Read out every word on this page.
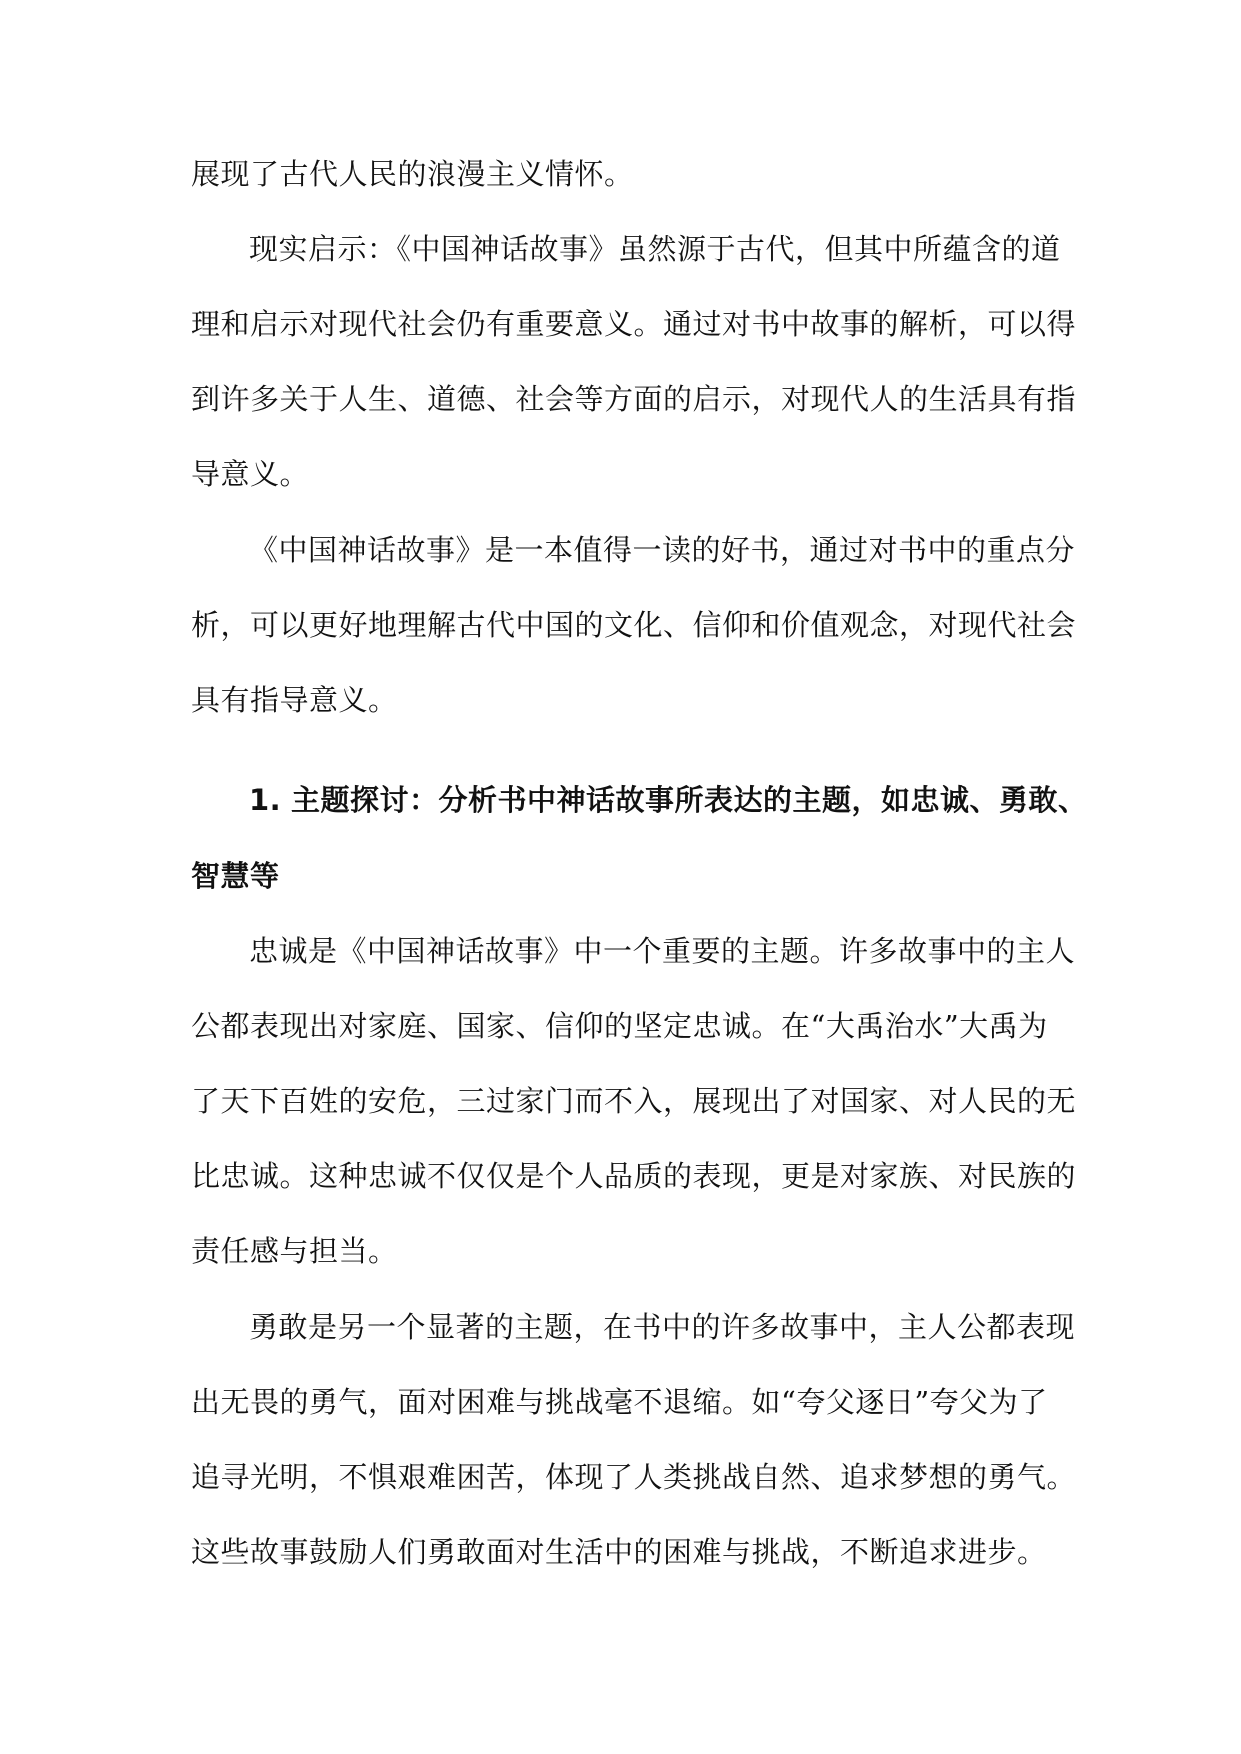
展现了古代人民的浪漫主义情怀。
现实启示：《中国神话故事》虽然源于古代，但其中所蕴含的道
理和启示对现代社会仍有重要意义。通过对书中故事的解析，可以得
到许多关于人生、道德、社会等方面的启示，对现代人的生活具有指
导意义。
《中国神话故事》是一本值得一读的好书，通过对书中的重点分
析，可以更好地理解古代中国的文化、信仰和价值观念，对现代社会
具有指导意义。
1. 主题探讨：分析书中神话故事所表达的主题，如忠诚、勇敢、
智慧等
忠诚是《中国神话故事》中一个重要的主题。许多故事中的主人
公都表现出对家庭、国家、信仰的坚定忠诚。在“大禹治水”大禹为
了天下百姓的安危，三过家门而不入，展现出了对国家、对人民的无
比忠诚。这种忠诚不仅仅是个人品质的表现，更是对家族、对民族的
责任感与担当。
勇敢是另一个显著的主题，在书中的许多故事中，主人公都表现
出无畏的勇气，面对困难与挑战毫不退缩。如“夸父逐日”夸父为了
追寻光明，不惧艰难困苦，体现了人类挑战自然、追求梦想的勇气。
这些故事鼓励人们勇敢面对生活中的困难与挑战，不断追求进步。
